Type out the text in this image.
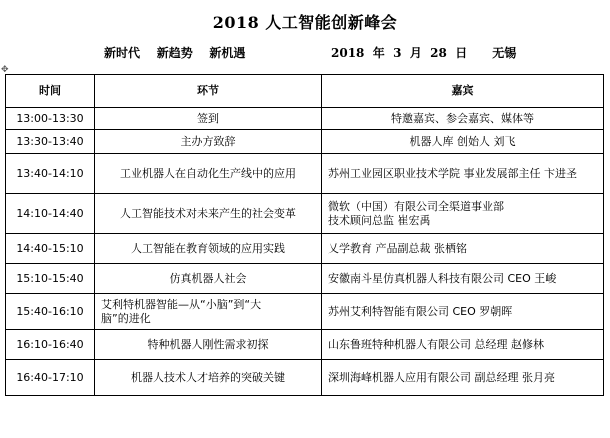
2018 人工智能创新峰会
新时代    新趋势    新机遇	2018  年  3  月  28  日      无锡
✥
时间	环节	嘉宾
13:00-13:30	签到	特邀嘉宾、参会嘉宾、媒体等

13:30-13:40	主办方致辞	机器人库 创始人 刘飞

13:40-14:10	工业机器人在自动化生产线中的应用	苏州工业园区职业技术学院 事业发展部主任 卞进圣

14:10-14:40	人工智能技术对未来产生的社会变革	微软（中国）有限公司全渠道事业部
技术顾问总监 崔宏禹

14:40-15:10	人工智能在教育领域的应用实践	乂学教育 产品副总裁 张栖铭

15:10-15:40	仿真机器人社会	安徽南斗星仿真机器人科技有限公司 CEO 王峻

15:40-16:10	艾利特机器智能—从“小脑”到“大
脑”的进化	苏州艾利特智能有限公司 CEO 罗朝晖

16:10-16:40	特种机器人刚性需求初探	山东鲁班特种机器人有限公司 总经理 赵修林

16:40-17:10	机器人技术人才培养的突破关键	深圳海峰机器人应用有限公司 副总经理 张月亮
